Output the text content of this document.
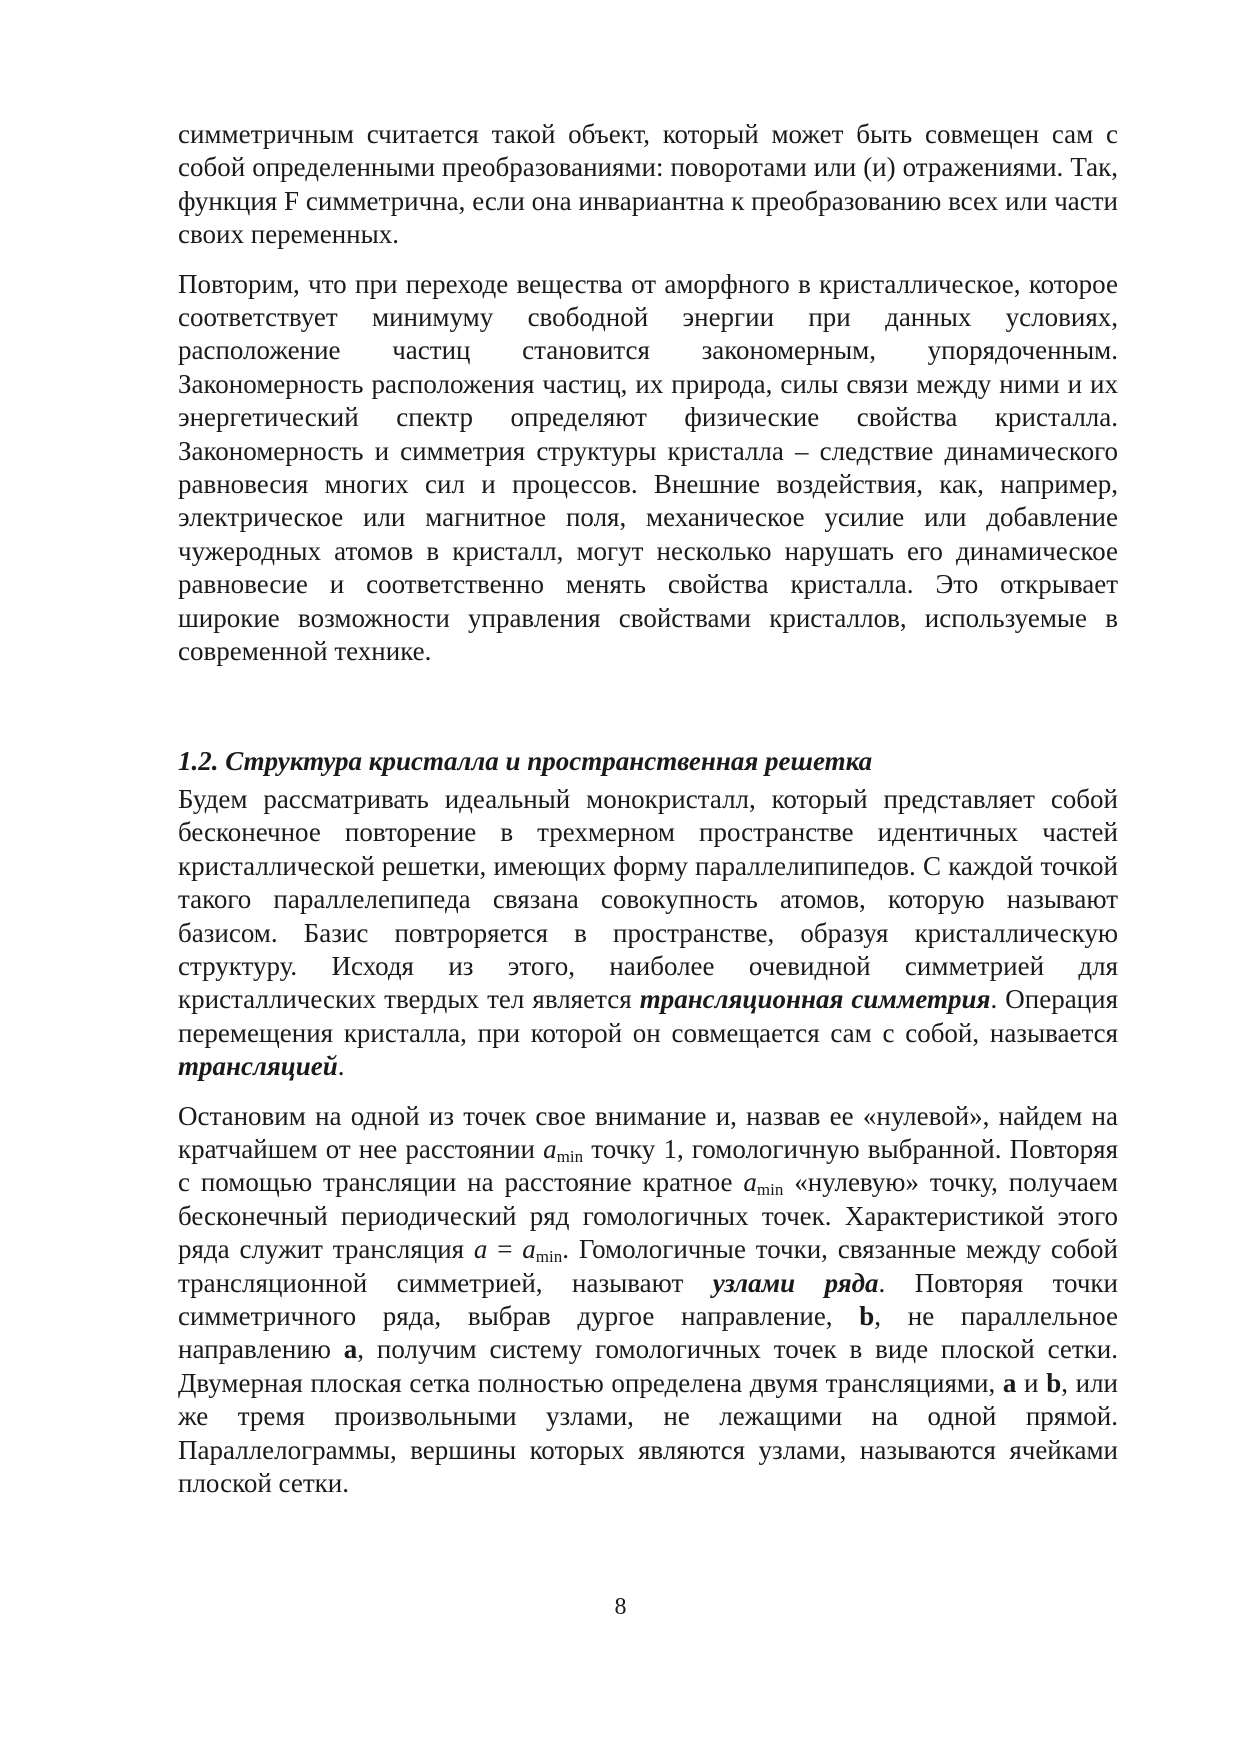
симметричным считается такой объект, который может быть совмещен сам с собой определенными преобразованиями: поворотами или (и) отражениями. Так, функция F симметрична, если она инвариантна к преобразованию всех или части своих переменных.

Повторим, что при переходе вещества от аморфного в кристаллическое, которое соответствует минимуму свободной энергии при данных условиях, расположение частиц становится закономерным, упорядоченным. Закономерность расположения частиц, их природа, силы связи между ними и их энергетический спектр определяют физические свойства кристалла. Закономерность и симметрия структуры кристалла – следствие динамического равновесия многих сил и процессов. Внешние воздействия, как, например, электрическое или магнитное поля, механическое усилие или добавление чужеродных атомов в кристалл, могут несколько нарушать его динамическое равновесие и соответственно менять свойства кристалла. Это открывает широкие возможности управления свойствами кристаллов, используемые в современной технике.

1.2. Структура кристалла и пространственная решетка

Будем рассматривать идеальный монокристалл, который представляет собой бесконечное повторение в трехмерном пространстве идентичных частей кристаллической решетки, имеющих форму параллелипипедов. С каждой точкой такого параллелепипеда связана совокупность атомов, которую называют базисом. Базис повтроряется в пространстве, образуя кристаллическую структуру. Исходя из этого, наиболее очевидной симметрией для кристаллических твердых тел является трансляционная симметрия. Операция перемещения кристалла, при которой он совмещается сам с собой, называется трансляцией.

Остановим на одной из точек свое внимание и, назвав ее «нулевой», найдем на кратчайшем от нее расстоянии $a_{min}$ точку 1, гомологичную выбранной. Повторяя с помощью трансляции на расстояние кратное $a_{min}$ «нулевую» точку, получаем бесконечный периодический ряд гомологичных точек. Характеристикой этого ряда служит трансляция $a = a_{min}$. Гомологичные точки, связанные между собой трансляционной симметрией, называют узлами ряда. Повторяя точки симметричного ряда, выбрав дургое направление, b, не параллельное направлению a, получим систему гомологичных точек в виде плоской сетки. Двумерная плоская сетка полностью определена двумя трансляциями, a и b, или же тремя произвольными узлами, не лежащими на одной прямой. Параллелограммы, вершины которых являются узлами, называются ячейками плоской сетки.

8
